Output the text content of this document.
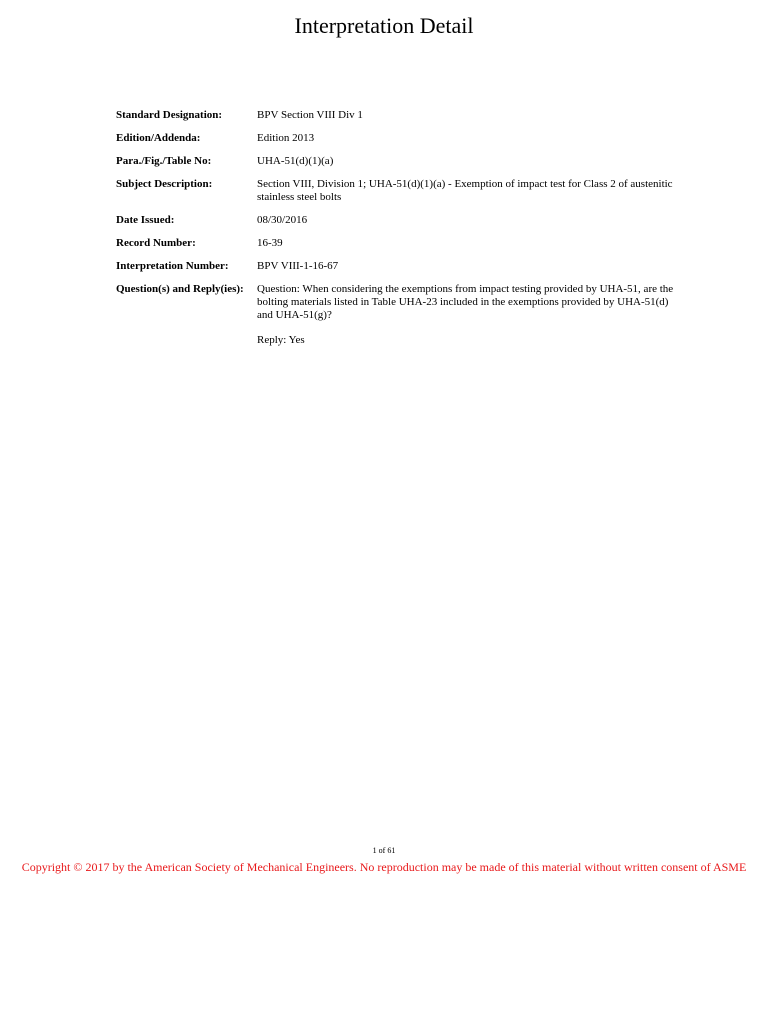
Interpretation Detail
Standard Designation:	BPV Section VIII Div 1
Edition/Addenda:	Edition 2013
Para./Fig./Table No:	UHA-51(d)(1)(a)
Subject Description:	Section VIII, Division 1; UHA-51(d)(1)(a) - Exemption of impact test for Class 2 of austenitic stainless steel bolts
Date Issued:	08/30/2016
Record Number:	16-39
Interpretation Number:	BPV VIII-1-16-67
Question(s) and Reply(ies):	Question: When considering the exemptions from impact testing provided by UHA-51, are the bolting materials listed in Table UHA-23 included in the exemptions provided by UHA-51(d) and UHA-51(g)?
Reply: Yes
1 of 61
Copyright © 2017 by the American Society of Mechanical Engineers. No reproduction may be made of this material without written consent of ASME
